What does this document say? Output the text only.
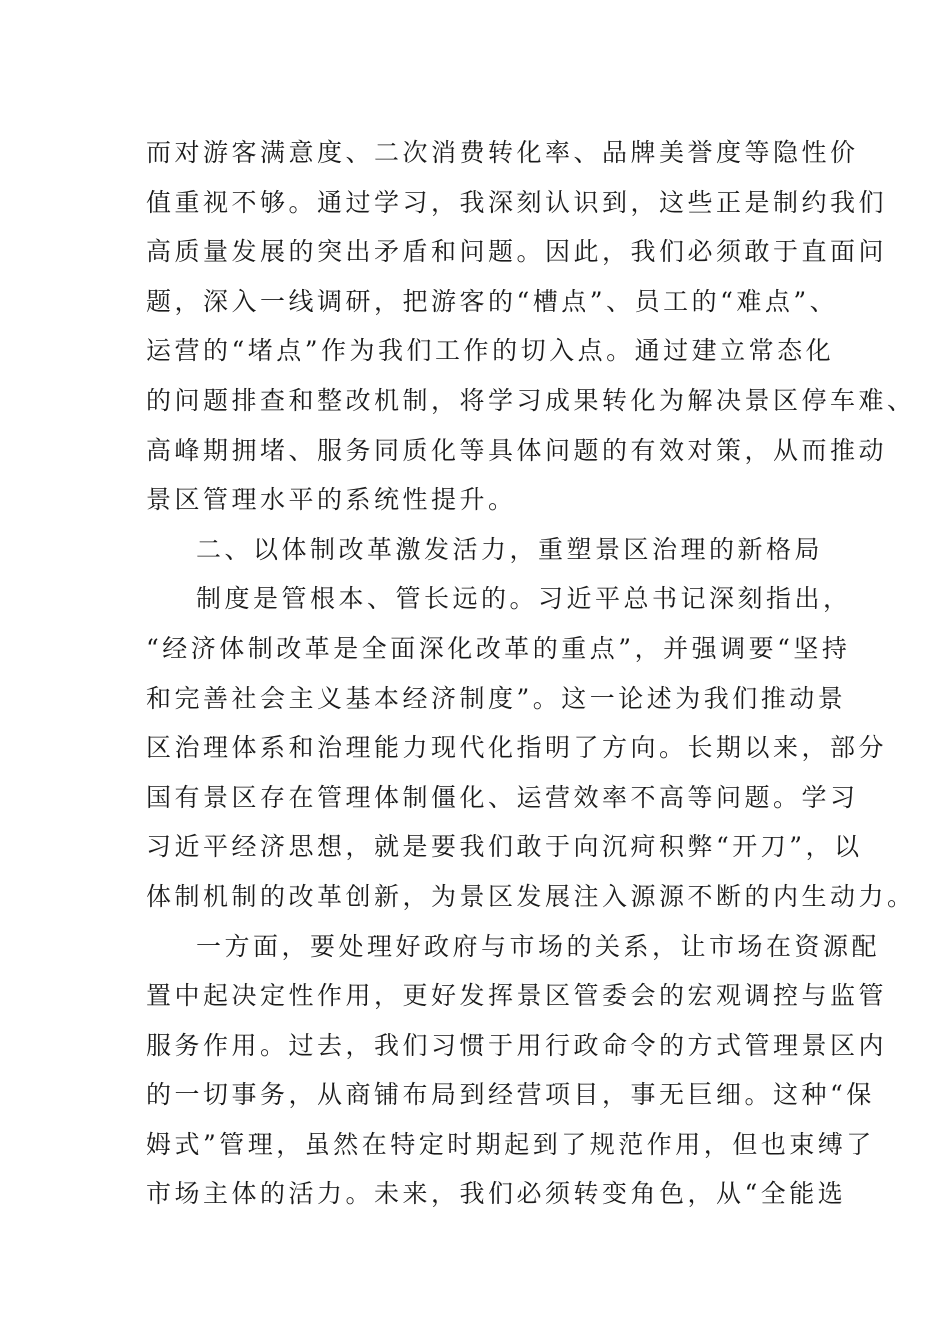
而对游客满意度、二次消费转化率、品牌美誉度等隐性价
值重视不够。通过学习，我深刻认识到，这些正是制约我们
高质量发展的突出矛盾和问题。因此，我们必须敢于直面问
题，深入一线调研，把游客的“槽点”、员工的“难点”、
运营的“堵点”作为我们工作的切入点。通过建立常态化
的问题排查和整改机制，将学习成果转化为解决景区停车难、
高峰期拥堵、服务同质化等具体问题的有效对策，从而推动
景区管理水平的系统性提升。
二、以体制改革激发活力，重塑景区治理的新格局
制度是管根本、管长远的。习近平总书记深刻指出，
“经济体制改革是全面深化改革的重点”，并强调要“坚持
和完善社会主义基本经济制度”。这一论述为我们推动景
区治理体系和治理能力现代化指明了方向。长期以来，部分
国有景区存在管理体制僵化、运营效率不高等问题。学习
习近平经济思想，就是要我们敢于向沉疴积弊“开刀”，以
体制机制的改革创新，为景区发展注入源源不断的内生动力。
一方面，要处理好政府与市场的关系，让市场在资源配
置中起决定性作用，更好发挥景区管委会的宏观调控与监管
服务作用。过去，我们习惯于用行政命令的方式管理景区内
的一切事务，从商铺布局到经营项目，事无巨细。这种“保
姆式”管理，虽然在特定时期起到了规范作用，但也束缚了
市场主体的活力。未来，我们必须转变角色，从“全能选
